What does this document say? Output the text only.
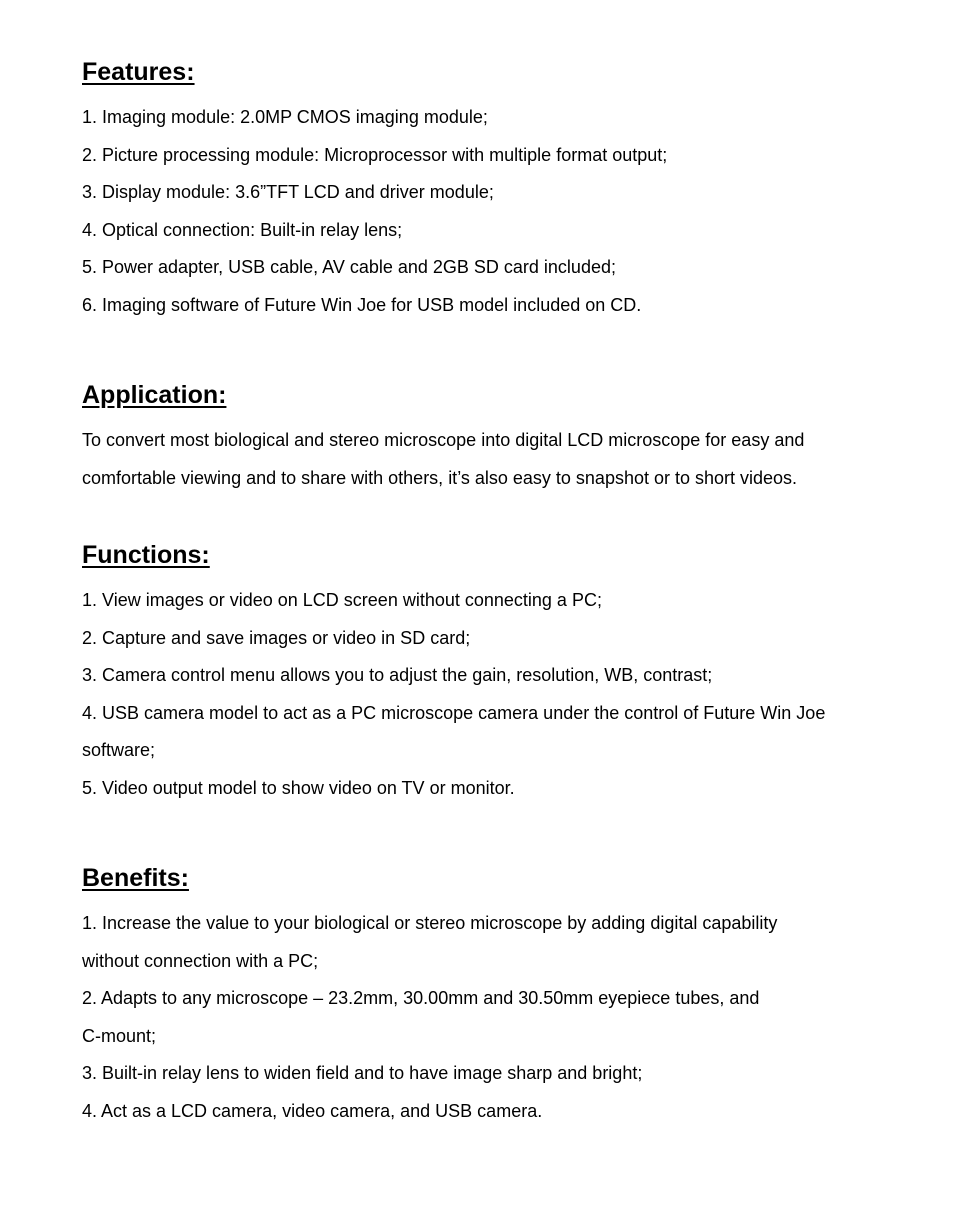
Features:

1. Imaging module: 2.0MP CMOS imaging module;

2. Picture processing module: Microprocessor with multiple format output;

3. Display module: 3.6”TFT LCD and driver module;

4. Optical connection: Built-in relay lens;

5. Power adapter, USB cable, AV cable and 2GB SD card included;

6. Imaging software of Future Win Joe for USB model included on CD.

Application:

To convert most biological and stereo microscope into digital LCD microscope for easy and

comfortable viewing and to share with others, it’s also easy to snapshot or to short videos.

Functions:

1. View images or video on LCD screen without connecting a PC;

2. Capture and save images or video in SD card;

3. Camera control menu allows you to adjust the gain, resolution, WB, contrast;

4. USB camera model to act as a PC microscope camera under the control of Future Win Joe

software;

5. Video output model to show video on TV or monitor.

Benefits:

1. Increase the value to your biological or stereo microscope by adding digital capability

without connection with a PC;

2. Adapts to any microscope – 23.2mm, 30.00mm and 30.50mm eyepiece tubes, and

C-mount;

3. Built-in relay lens to widen field and to have image sharp and bright;

4. Act as a LCD camera, video camera, and USB camera.
